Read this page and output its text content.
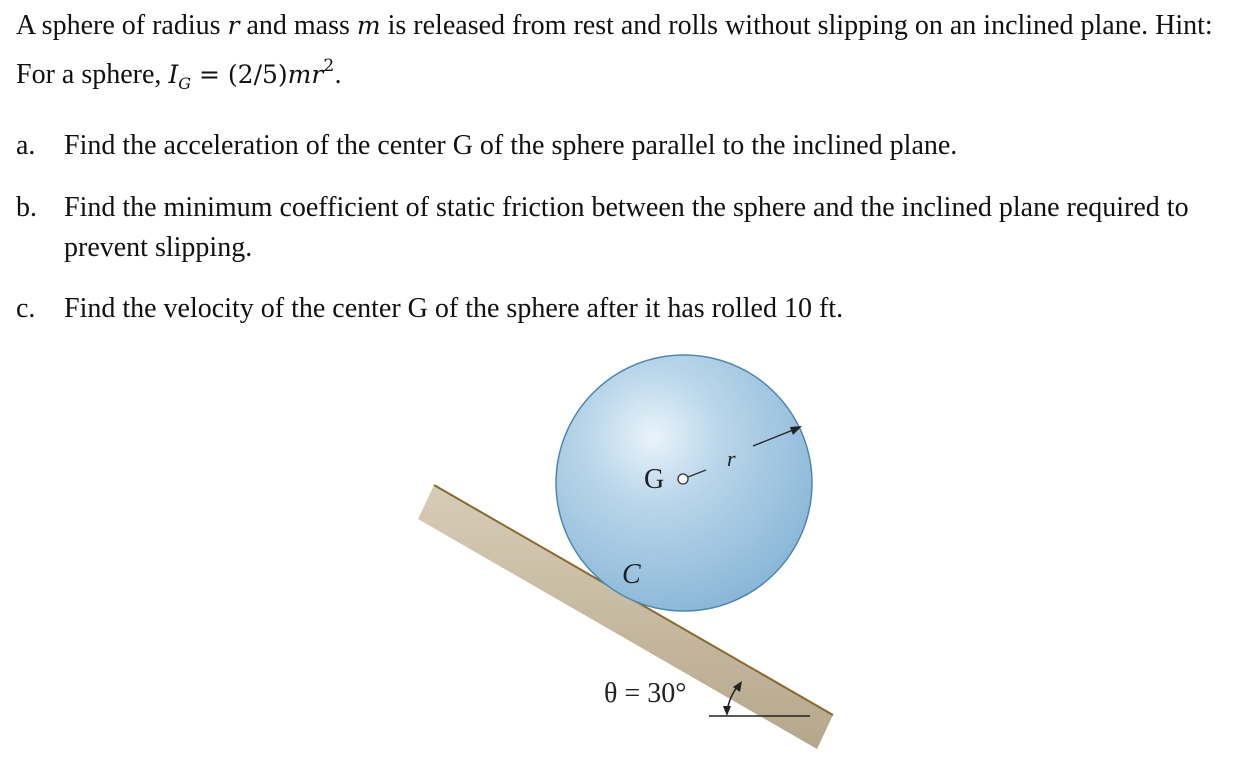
A sphere of radius r and mass m is released from rest and rolls without slipping on an inclined plane. Hint: For a sphere, $I_G = (2/5)mr^2$.

a. Find the acceleration of the center G of the sphere parallel to the inclined plane.
b. Find the minimum coefficient of static friction between the sphere and the inclined plane required to prevent slipping.
c. Find the velocity of the center G of the sphere after it has rolled 10 ft.
G
r
C
θ = 30°
